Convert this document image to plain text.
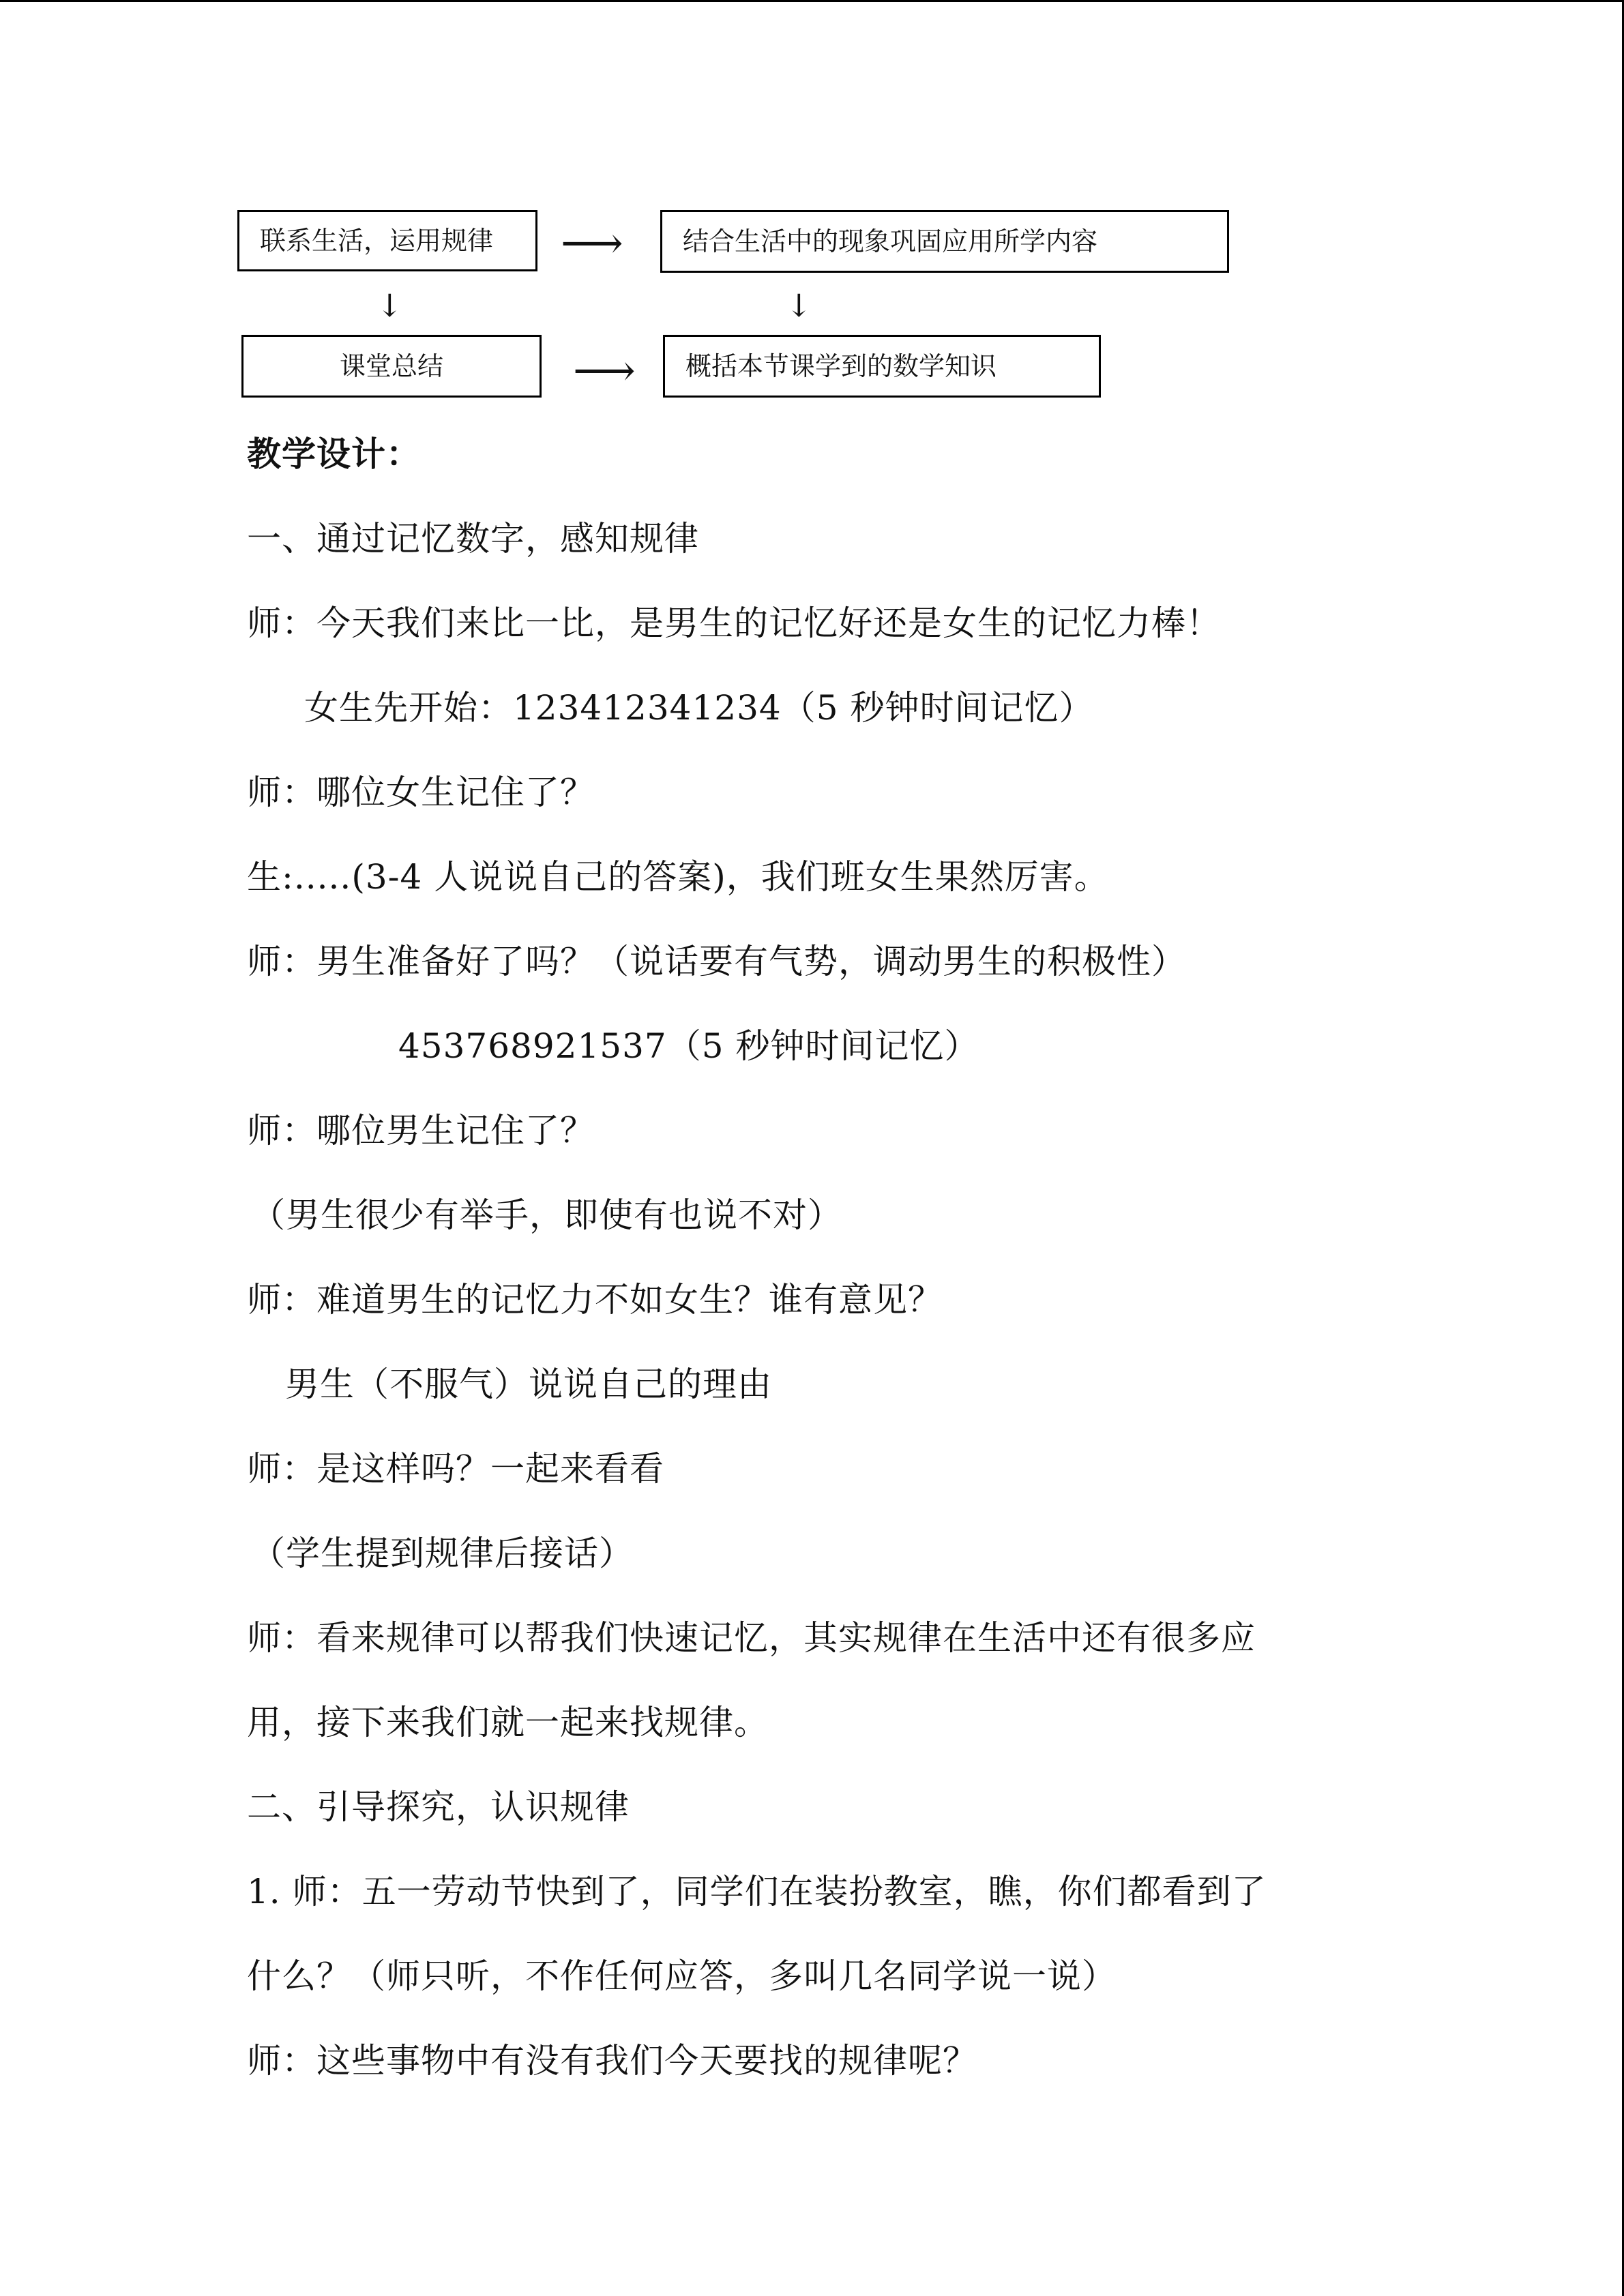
联系生活，运用规律	⟶	结合生活中的现象巩固应用所学内容
↓	↓
课堂总结	⟶	概括本节课学到的数学知识
教学设计：
一、通过记忆数字，感知规律
师：今天我们来比一比，是男生的记忆好还是女生的记忆力棒！
女生先开始：123412341234（5 秒钟时间记忆）
师：哪位女生记住了？
生:.....(3-4 人说说自己的答案)，我们班女生果然厉害。
师：男生准备好了吗？（说话要有气势，调动男生的积极性）
453768921537（5 秒钟时间记忆）
师：哪位男生记住了？
（男生很少有举手，即使有也说不对）
师：难道男生的记忆力不如女生？谁有意见？
男生（不服气）说说自己的理由
师：是这样吗？一起来看看
（学生提到规律后接话）
师：看来规律可以帮我们快速记忆，其实规律在生活中还有很多应
用，接下来我们就一起来找规律。
二、引导探究，认识规律
1. 师：五一劳动节快到了，同学们在装扮教室，瞧，你们都看到了
什么？（师只听，不作任何应答，多叫几名同学说一说）
师：这些事物中有没有我们今天要找的规律呢？
